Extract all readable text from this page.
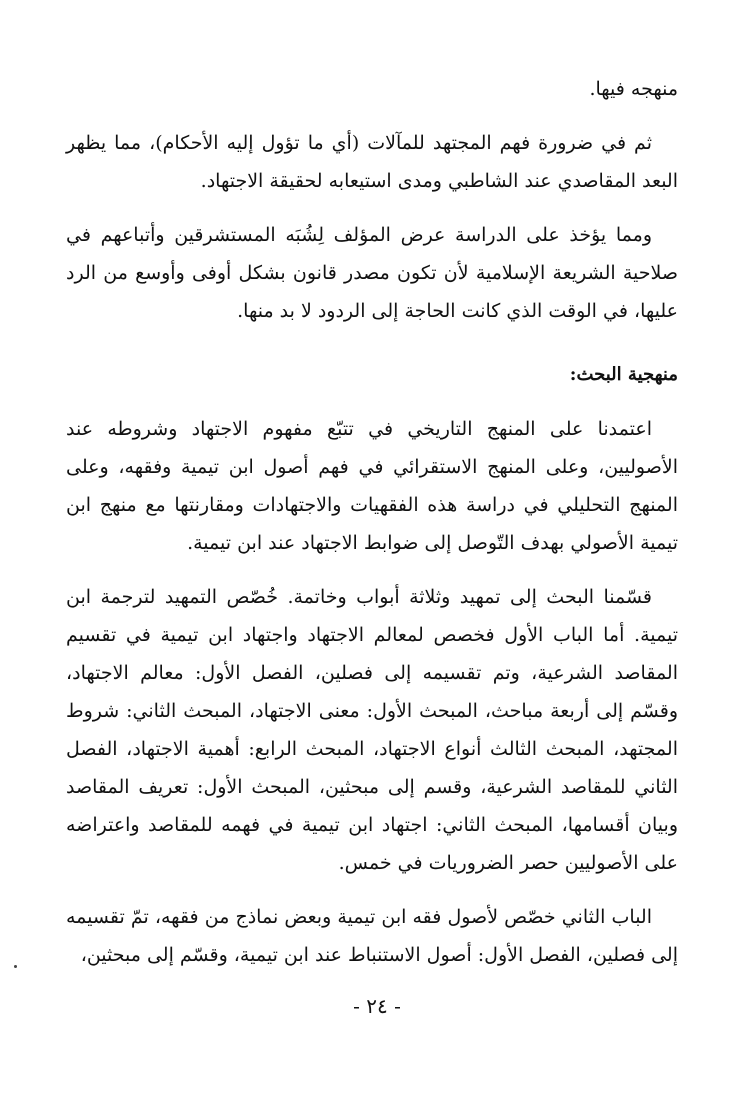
منهجه فيها.

ثم في ضرورة فهم المجتهد للمآلات (أي ما تؤول إليه الأحكام)، مما يظهر البعد المقاصدي عند الشاطبي ومدى استيعابه لحقيقة الاجتهاد.

ومما يؤخذ على الدراسة عرض المؤلف لِشُبَه المستشرقين وأتباعهم في صلاحية الشريعة الإسلامية لأن تكون مصدر قانون بشكل أوفى وأوسع من الرد عليها، في الوقت الذي كانت الحاجة إلى الردود لا بد منها.

منهجية البحث:

اعتمدنا على المنهج التاريخي في تتبّع مفهوم الاجتهاد وشروطه عند الأصوليين، وعلى المنهج الاستقرائي في فهم أصول ابن تيمية وفقهه، وعلى المنهج التحليلي في دراسة هذه الفقهيات والاجتهادات ومقارنتها مع منهج ابن تيمية الأصولي بهدف التّوصل إلى ضوابط الاجتهاد عند ابن تيمية.

قسّمنا البحث إلى تمهيد وثلاثة أبواب وخاتمة. خُصّص التمهيد لترجمة ابن تيمية. أما الباب الأول فخصص لمعالم الاجتهاد واجتهاد ابن تيمية في تقسيم المقاصد الشرعية، وتم تقسيمه إلى فصلين، الفصل الأول: معالم الاجتهاد، وقسّم إلى أربعة مباحث، المبحث الأول: معنى الاجتهاد، المبحث الثاني: شروط المجتهد، المبحث الثالث أنواع الاجتهاد، المبحث الرابع: أهمية الاجتهاد، الفصل الثاني للمقاصد الشرعية، وقسم إلى مبحثين، المبحث الأول: تعريف المقاصد وبيان أقسامها، المبحث الثاني: اجتهاد ابن تيمية في فهمه للمقاصد واعتراضه على الأصوليين حصر الضروريات في خمس.

الباب الثاني خصّص لأصول فقه ابن تيمية وبعض نماذج من فقهه، تمّ تقسيمه إلى فصلين، الفصل الأول: أصول الاستنباط عند ابن تيمية، وقسّم إلى مبحثين،

- ٢٤ -
